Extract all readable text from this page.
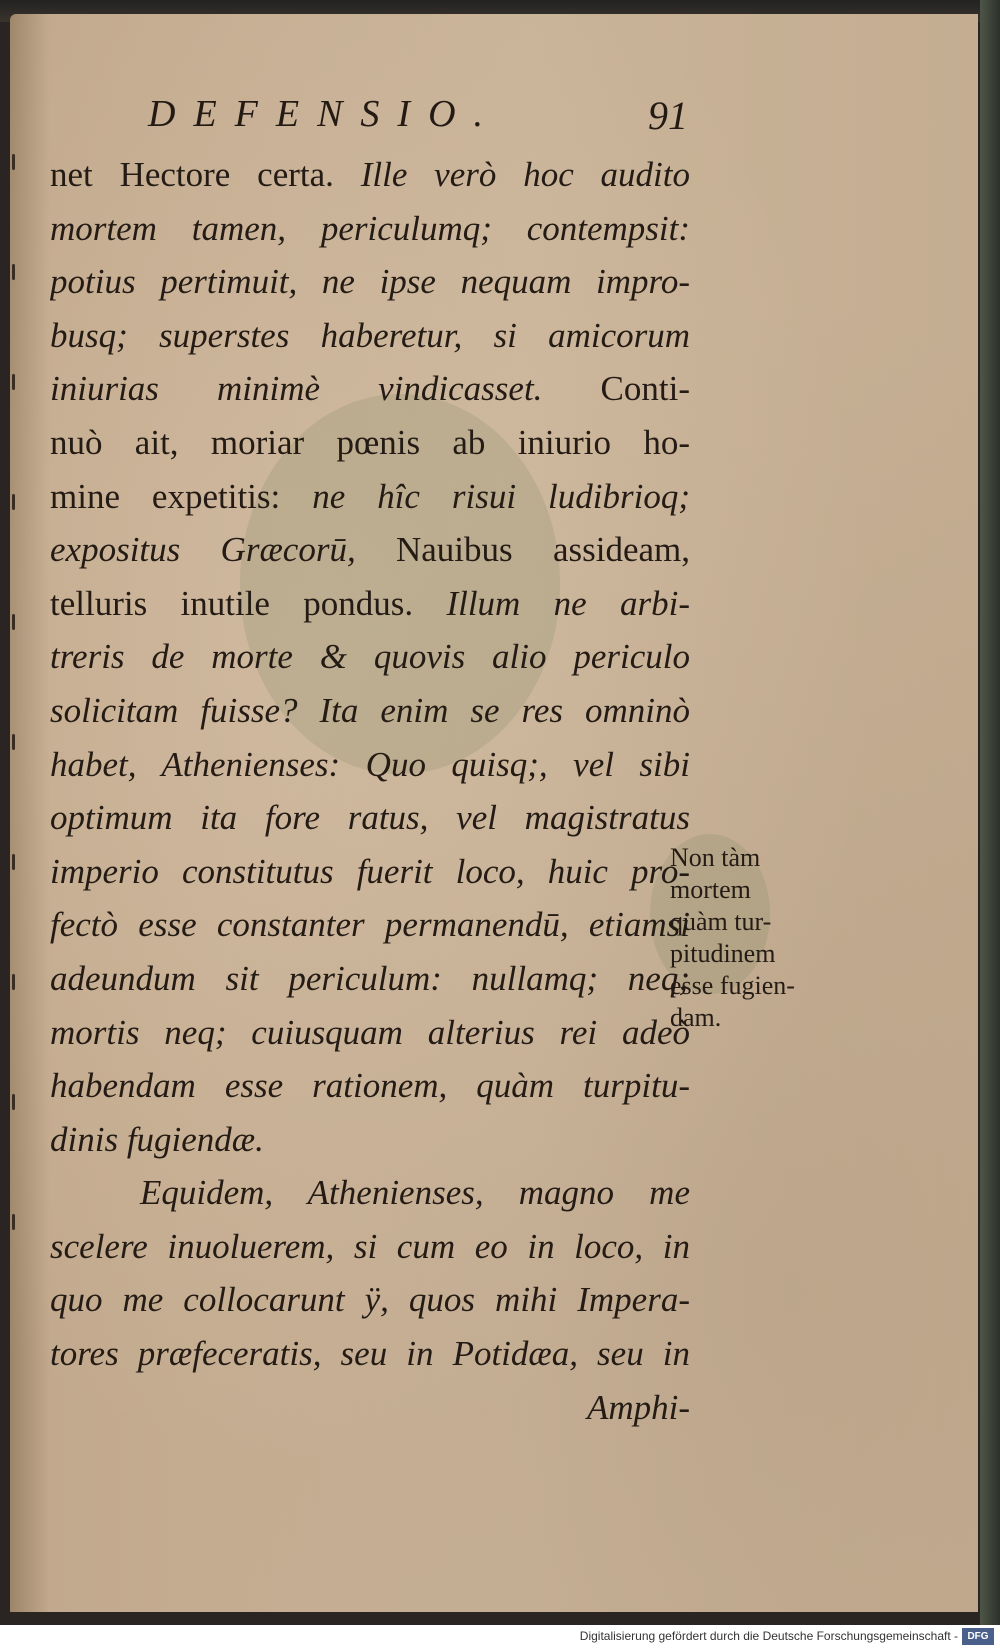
DEFENSIO.	91
net Hectore certa. Ille verò hoc audito
mortem tamen, periculumq; contempsit:
potius pertimuit, ne ipse nequam impro-
busq; superstes haberetur, si amicorum
iniurias minimè vindicasset. Conti-
nuò ait, moriar pœnis ab iniurio ho-
mine expetitis: ne hîc risui ludibrioq;
expositus Græcorū, Nauibus assideam,
telluris inutile pondus. Illum ne arbi-
treris de morte & quovis alio periculo
solicitam fuisse? Ita enim se res omninò
habet, Athenienses: Quo quisq;, vel sibi
optimum ita fore ratus, vel magistratus
imperio constitutus fuerit loco, huic pro-
fectò esse constanter permanendū, etiamsi
adeundum sit periculum: nullamq; neq;
mortis neq; cuiusquam alterius rei adeò
habendam esse rationem, quàm turpitu-
dinis fugiendæ.
Equidem, Athenienses, magno me
scelere inuoluerem, si cum eo in loco, in
quo me collocarunt ÿ, quos mihi Impera-
tores præfeceratis, seu in Potidæa, seu in
Amphi-
Non tàm
mortem
quàm tur-
pitudinem
esse fugien-
dam.
Digitalisierung gefördert durch die Deutsche Forschungsgemeinschaft - DFG
